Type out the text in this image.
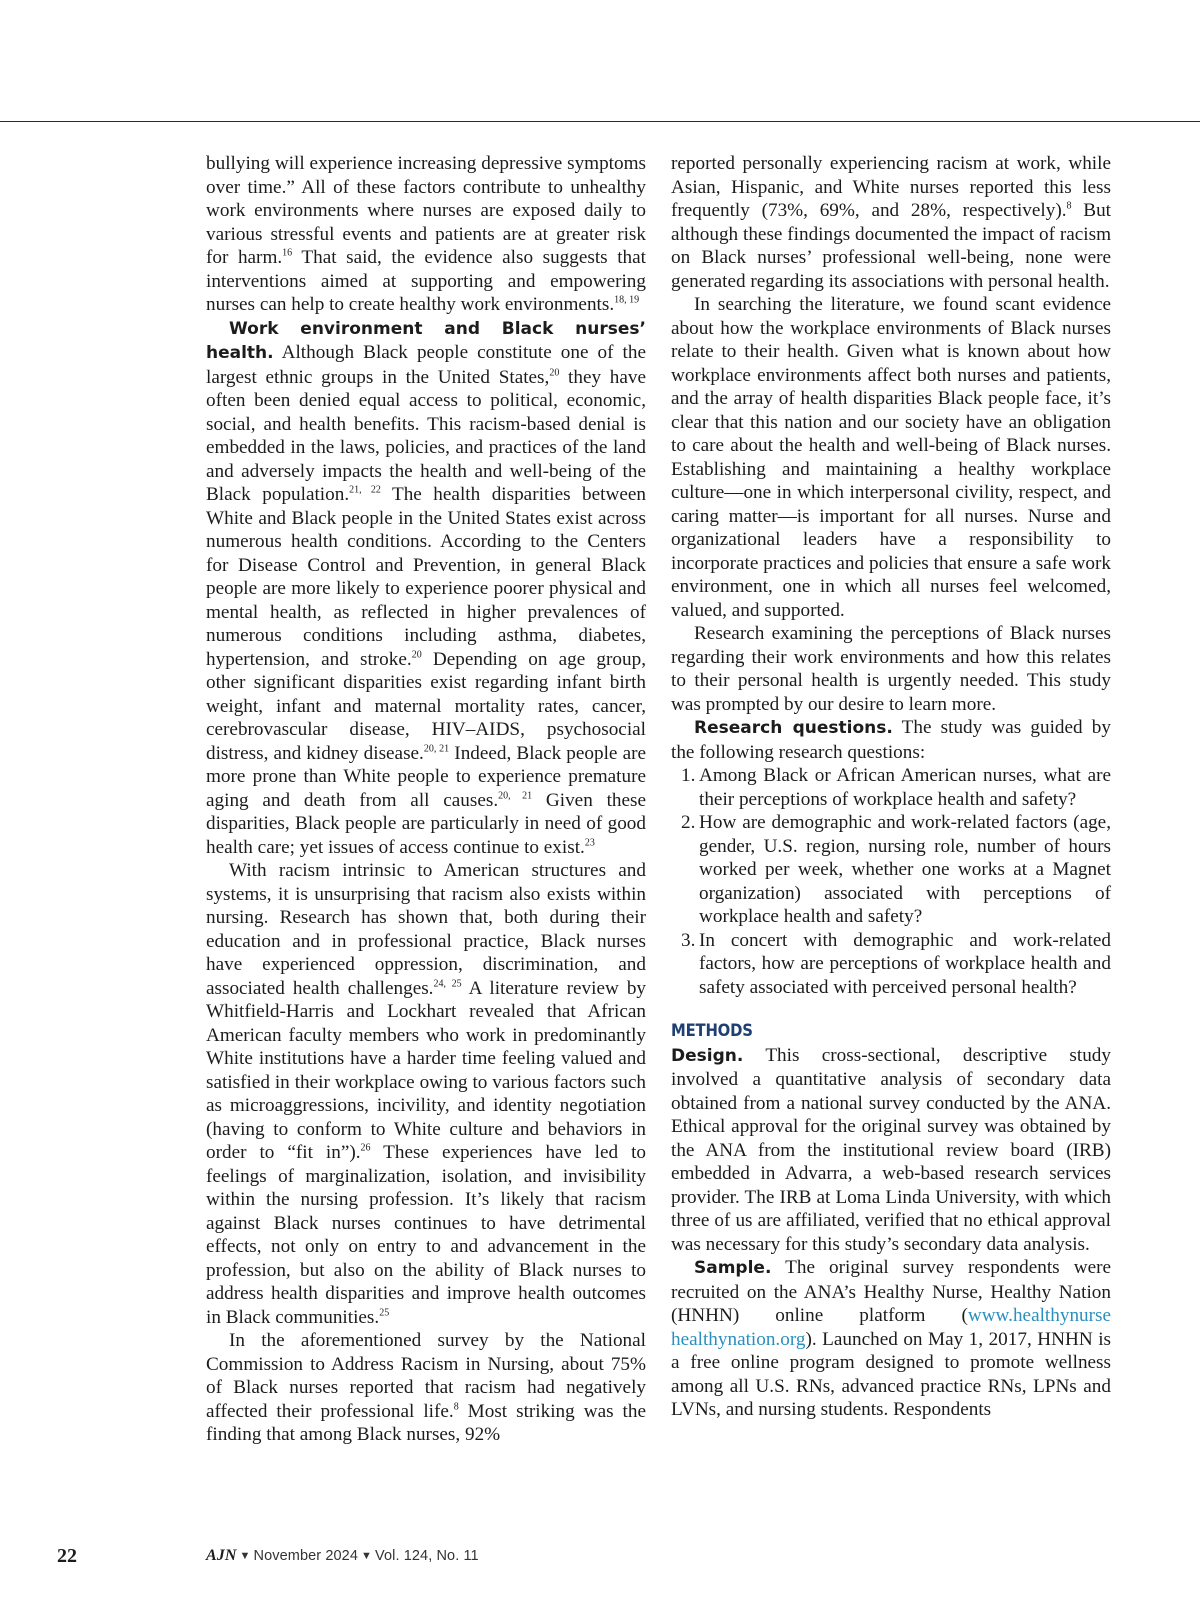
bullying will experience increasing depressive symptoms over time.” All of these factors contribute to unhealthy work environments where nurses are exposed daily to various stressful events and patients are at greater risk for harm.$^{16}$ That said, the evidence also suggests that interventions aimed at supporting and empowering nurses can help to create healthy work environments.$^{18, 19}$

Work environment and Black nurses’ health. Although Black people constitute one of the largest ethnic groups in the United States,$^{20}$ they have often been denied equal access to political, economic, social, and health benefits. This racism-based denial is embedded in the laws, policies, and practices of the land and adversely impacts the health and well-being of the Black population.$^{21, 22}$ The health disparities between White and Black people in the United States exist across numerous health conditions. According to the Centers for Disease Control and Prevention, in general Black people are more likely to experience poorer physical and mental health, as reflected in higher prevalences of numerous conditions including asthma, diabetes, hypertension, and stroke.$^{20}$ Depending on age group, other significant disparities exist regarding infant birth weight, infant and maternal mortality rates, cancer, cerebrovascular disease, HIV–AIDS, psychosocial distress, and kidney disease.$^{20, 21}$ Indeed, Black people are more prone than White people to experience premature aging and death from all causes.$^{20, 21}$ Given these disparities, Black people are particularly in need of good health care; yet issues of access continue to exist.$^{23}$

With racism intrinsic to American structures and systems, it is unsurprising that racism also exists within nursing. Research has shown that, both during their education and in professional practice, Black nurses have experienced oppression, discrimination, and associated health challenges.$^{24, 25}$ A literature review by Whitfield-Harris and Lockhart revealed that African American faculty members who work in predominantly White institutions have a harder time feeling valued and satisfied in their workplace owing to various factors such as microaggressions, incivility, and identity negotiation (having to conform to White culture and behaviors in order to “fit in”).$^{26}$ These experiences have led to feelings of marginalization, isolation, and invisibility within the nursing profession. It’s likely that racism against Black nurses continues to have detrimental effects, not only on entry to and advancement in the profession, but also on the ability of Black nurses to address health disparities and improve health outcomes in Black communities.$^{25}$

In the aforementioned survey by the National Commission to Address Racism in Nursing, about 75% of Black nurses reported that racism had negatively affected their professional life.$^8$ Most striking was the finding that among Black nurses, 92%

reported personally experiencing racism at work, while Asian, Hispanic, and White nurses reported this less frequently (73%, 69%, and 28%, respectively).$^8$ But although these findings documented the impact of racism on Black nurses’ professional well-being, none were generated regarding its associations with personal health.

In searching the literature, we found scant evidence about how the workplace environments of Black nurses relate to their health. Given what is known about how workplace environments affect both nurses and patients, and the array of health disparities Black people face, it’s clear that this nation and our society have an obligation to care about the health and well-being of Black nurses. Establishing and maintaining a healthy workplace culture—one in which interpersonal civility, respect, and caring matter—is important for all nurses. Nurse and organizational leaders have a responsibility to incorporate practices and policies that ensure a safe work environment, one in which all nurses feel welcomed, valued, and supported.

Research examining the perceptions of Black nurses regarding their work environments and how this relates to their personal health is urgently needed. This study was prompted by our desire to learn more.

Research questions. The study was guided by the following research questions:

1. Among Black or African American nurses, what are their perceptions of workplace health and safety?
2. How are demographic and work-related factors (age, gender, U.S. region, nursing role, number of hours worked per week, whether one works at a Magnet organization) associated with perceptions of workplace health and safety?
3. In concert with demographic and work-related factors, how are perceptions of workplace health and safety associated with perceived personal health?

METHODS

Design. This cross-sectional, descriptive study involved a quantitative analysis of secondary data obtained from a national survey conducted by the ANA. Ethical approval for the original survey was obtained by the ANA from the institutional review board (IRB) embedded in Advarra, a web-based research services provider. The IRB at Loma Linda University, with which three of us are affiliated, verified that no ethical approval was necessary for this study’s secondary data analysis.

Sample. The original survey respondents were recruited on the ANA’s Healthy Nurse, Healthy Nation (HNHN) online platform (www.healthynurse healthynation.org). Launched on May 1, 2017, HNHN is a free online program designed to promote wellness among all U.S. RNs, advanced practice RNs, LPNs and LVNs, and nursing students. Respondents

22	AJN ▼ November 2024 ▼ Vol. 124, No. 11
